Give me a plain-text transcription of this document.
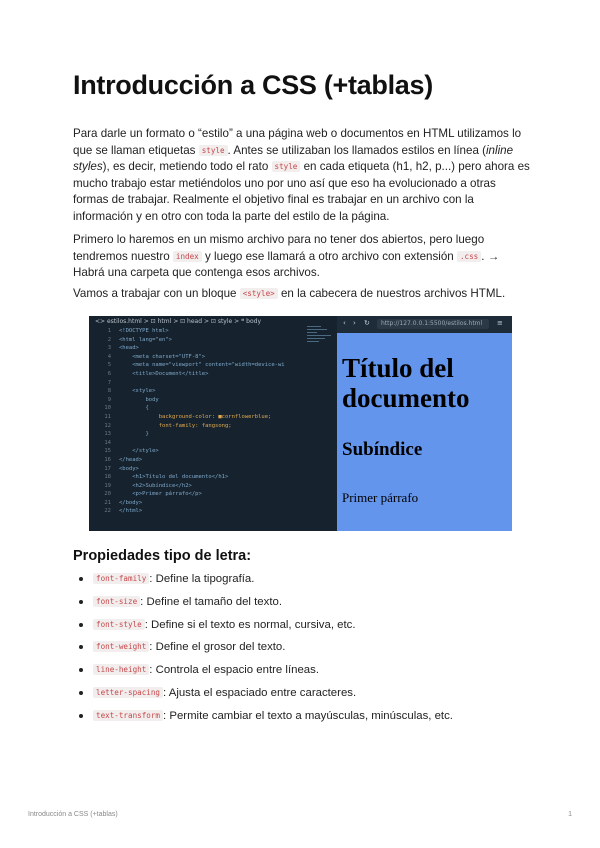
Introducción a CSS (+tablas)

Para darle un formato o “estilo” a una página web o documentos en HTML utilizamos lo que se llaman etiquetas style . Antes se utilizaban los llamados estilos en línea (inline styles), es decir, metiendo todo el rato style en cada etiqueta (h1, h2, p...) pero ahora es mucho trabajo estar metiéndolos uno por uno así que eso ha evolucionado a otras formas de trabajar. Realmente el objetivo final es trabajar en un archivo con la información y en otro con toda la parte del estilo de la página.

Primero lo haremos en un mismo archivo para no tener dos abiertos, pero luego tendremos nuestro index y luego ese llamará a otro archivo con extensión .css . → Habrá una carpeta que contenga esos archivos.

Vamos a trabajar con un bloque <style> en la cabecera de nuestros archivos HTML.

<> estilos.html > ⊡ html > ⊡ head > ⊡ style > ❝ body
1
2
3
4
5
6
7
8
9
10
11
12
13
14
15
16
17
18
19
20
21
22
<!DOCTYPE html>
<html lang="en">
<head>
<meta charset="UTF-8">
<meta name="viewport" content="width=device-wi
<title>Document</title>
<style>
body
{
background-color: ■cornflowerblue;
font-family: fangsong;
}
</style>
</head>
<body>
<h1>Título del documento</h1>
<h2>Subíndice</h2>
<p>Primer párrafo</p>
</body>
</html>
‹ › ↻	http://127.0.0.1:5500/estilos.html	≡
Título del documento
Subíndice

Primer párrafo

Propiedades tipo de letra:
font-family : Define la tipografía.
font-size : Define el tamaño del texto.
font-style : Define si el texto es normal, cursiva, etc.
font-weight : Define el grosor del texto.
line-height : Controla el espacio entre líneas.
letter-spacing : Ajusta el espaciado entre caracteres.
text-transform : Permite cambiar el texto a mayúsculas, minúsculas, etc.
Introducción a CSS (+tablas)	1
